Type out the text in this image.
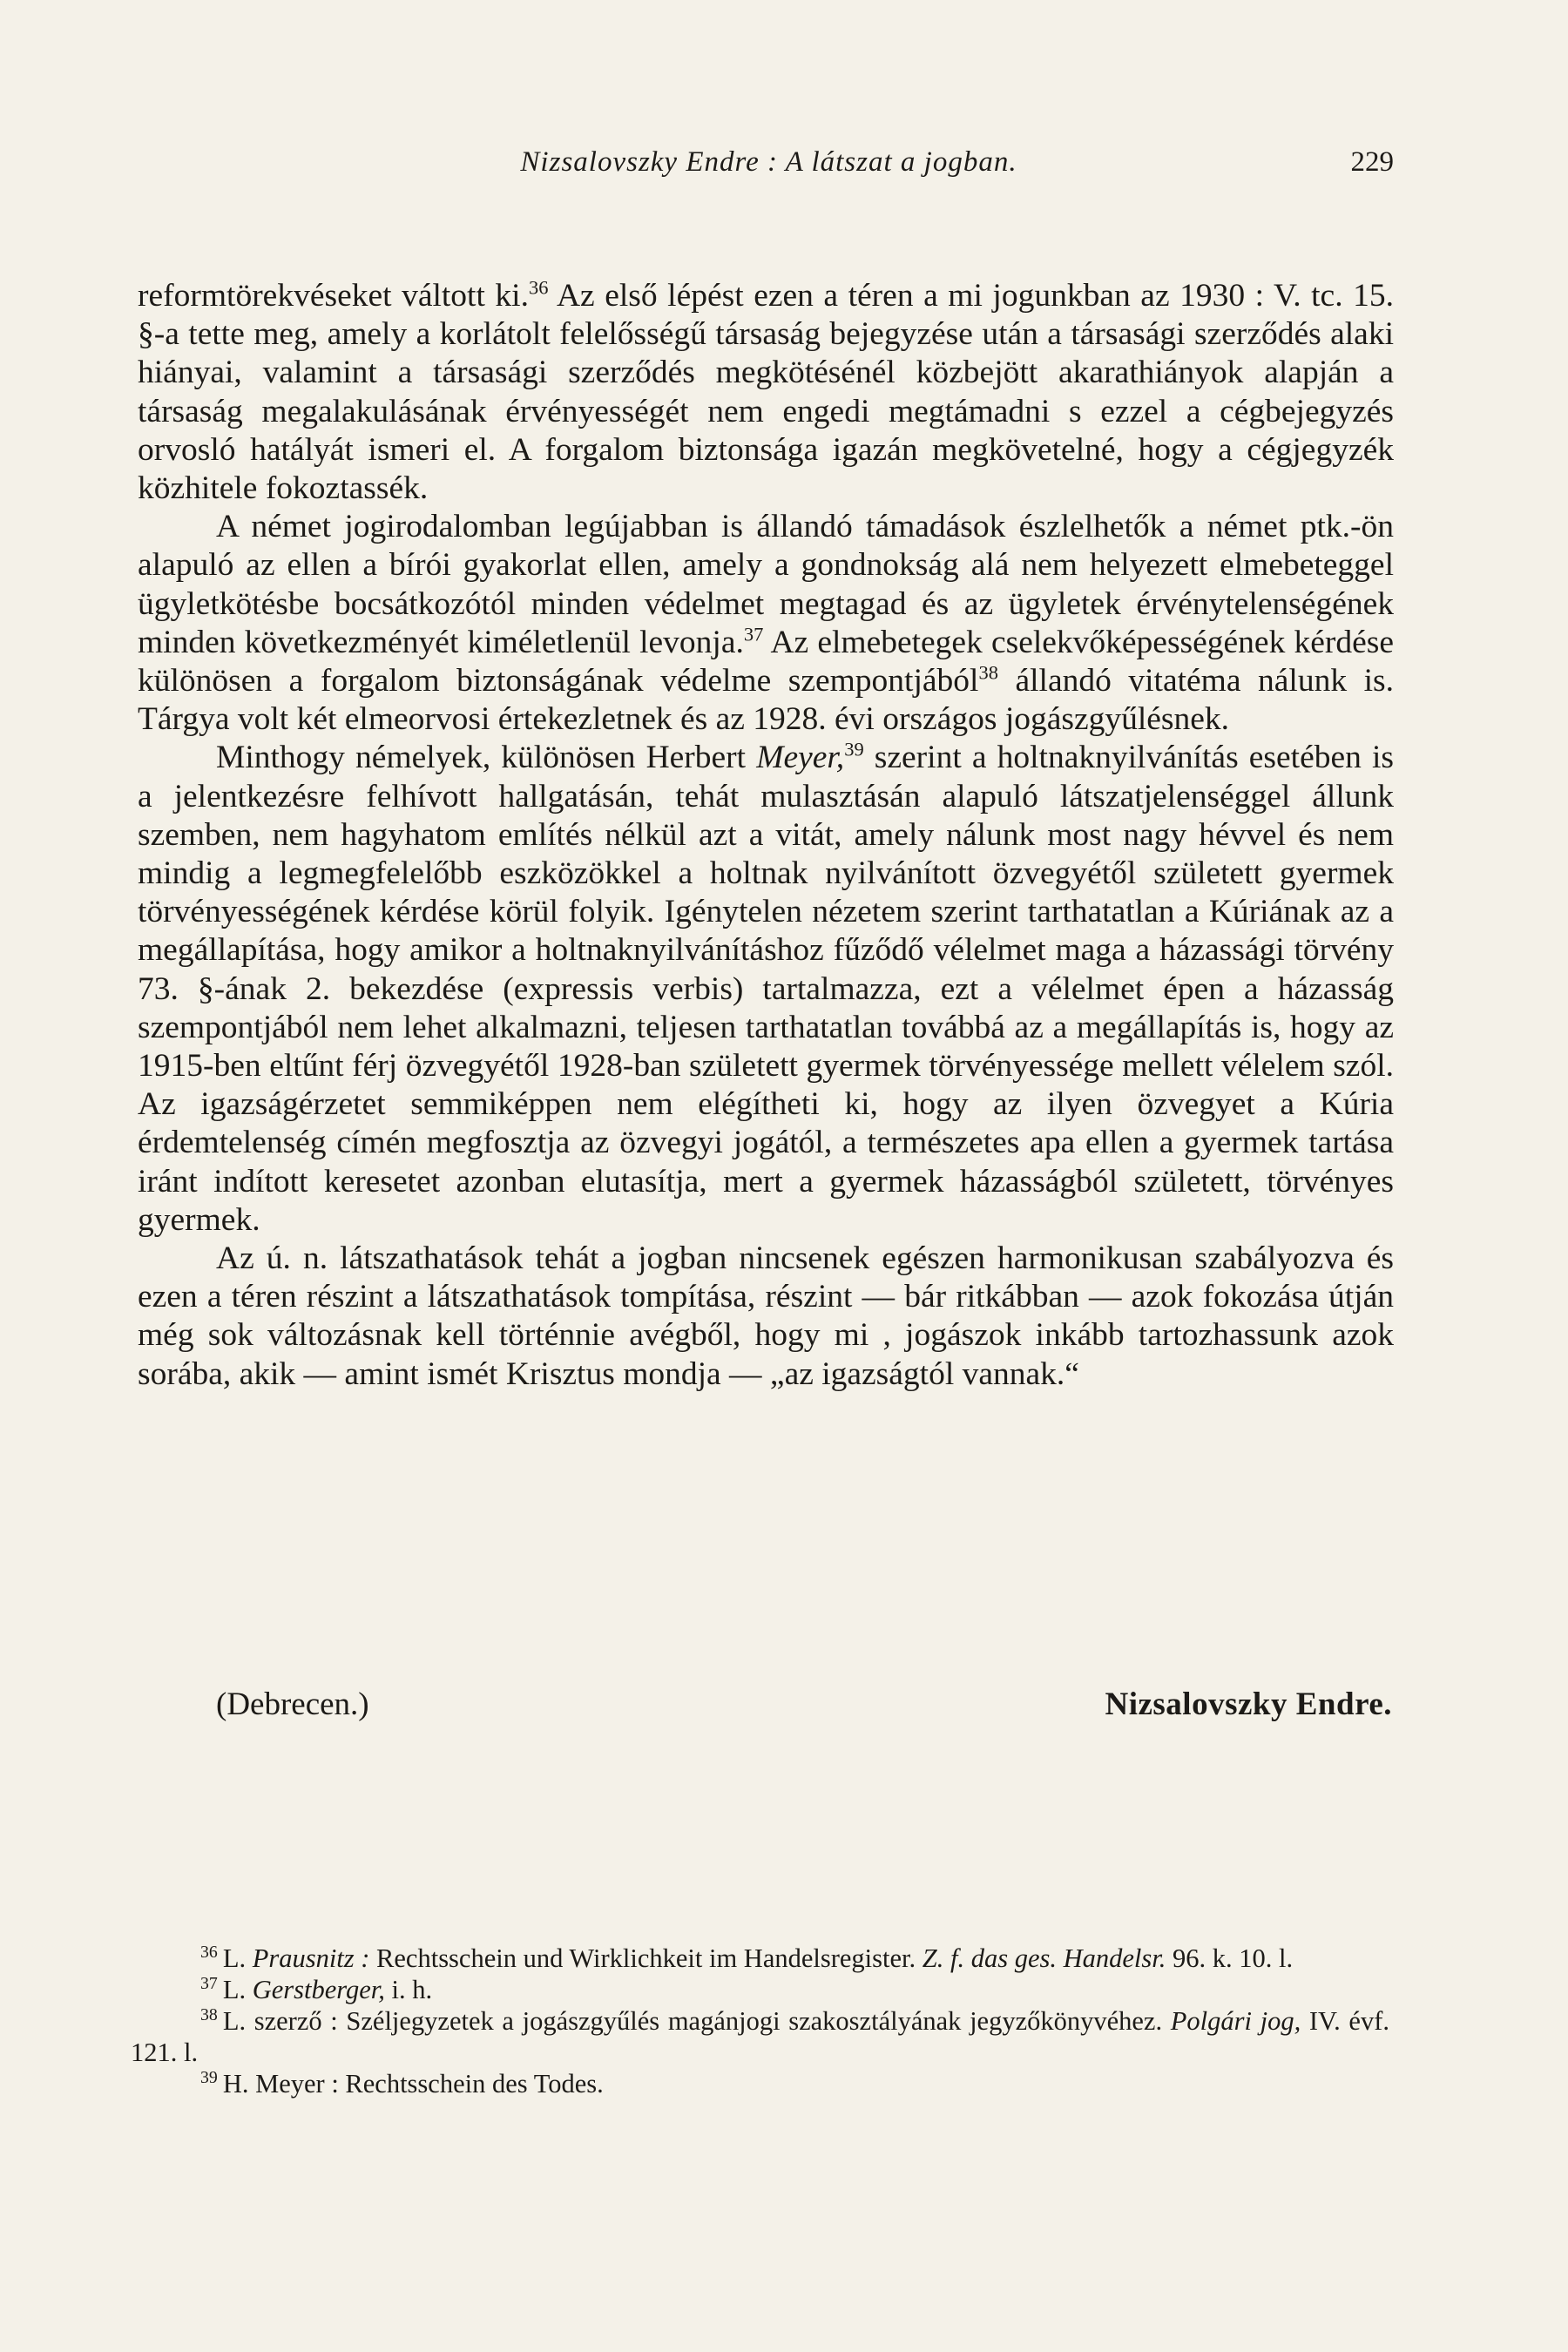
Nizsalovszky Endre : A látszat a jogban.	229

reformtörekvéseket váltott ki.$^{36}$ Az első lépést ezen a téren a mi jogunkban az 1930 : V. tc. 15. §-a tette meg, amely a korlátolt felelősségű társaság bejegyzése után a társasági szerződés alaki hiányai, valamint a társasági szerződés megkötésénél közbejött akarathiányok alapján a társaság megalakulásának érvényességét nem engedi megtámadni s ezzel a cégbejegyzés orvosló hatályát ismeri el. A forgalom biztonsága igazán megkövetelné, hogy a cégjegyzék közhitele fokoztassék.

A német jogirodalomban legújabban is állandó támadások észlelhetők a német ptk.-ön alapuló az ellen a bírói gyakorlat ellen, amely a gondnokság alá nem helyezett elmebeteggel ügyletkötésbe bocsátkozótól minden védelmet megtagad és az ügyletek érvénytelenségének minden következményét kiméletlenül levonja.$^{37}$ Az elmebetegek cselekvőképességének kérdése különösen a forgalom biztonságának védelme szempontjából$^{38}$ állandó vitatéma nálunk is. Tárgya volt két elmeorvosi értekezletnek és az 1928. évi országos jogászgyűlésnek.

Minthogy némelyek, különösen Herbert Meyer,$^{39}$ szerint a holtnaknyilvánítás esetében is a jelentkezésre felhívott hallgatásán, tehát mulasztásán alapuló látszatjelenséggel állunk szemben, nem hagyhatom említés nélkül azt a vitát, amely nálunk most nagy hévvel és nem mindig a legmegfelelőbb eszközökkel a holtnak nyilvánított özvegyétől született gyermek törvényességének kérdése körül folyik. Igénytelen nézetem szerint tarthatatlan a Kúriának az a megállapítása, hogy amikor a holtnaknyilvánításhoz fűződő vélelmet maga a házassági törvény 73. §-ának 2. bekezdése (expressis verbis) tartalmazza, ezt a vélelmet épen a házasság szempontjából nem lehet alkalmazni, teljesen tarthatatlan továbbá az a megállapítás is, hogy az 1915-ben eltűnt férj özvegyétől 1928-ban született gyermek törvényessége mellett vélelem szól. Az igazságérzetet semmiképpen nem elégítheti ki, hogy az ilyen özvegyet a Kúria érdemtelenség címén megfosztja az özvegyi jogától, a természetes apa ellen a gyermek tartása iránt indított keresetet azonban elutasítja, mert a gyermek házasságból született, törvényes gyermek.

Az ú. n. látszathatások tehát a jogban nincsenek egészen harmonikusan szabályozva és ezen a téren részint a látszathatások tompítása, részint — bár ritkábban — azok fokozása útján még sok változásnak kell történnie avégből, hogy mi , jogászok inkább tartozhassunk azok sorába, akik — amint ismét Krisztus mondja — „az igazságtól vannak.“

(Debrecen.)	Nizsalovszky Endre.

$^{36}$ L. Prausnitz : Rechtsschein und Wirklichkeit im Handelsregister. Z. f. das ges. Handelsr. 96. k. 10. l.

$^{37}$ L. Gerstberger, i. h.

$^{38}$ L. szerző : Széljegyzetek a jogászgyűlés magánjogi szakosztályának jegyzőkönyvéhez. Polgári jog, IV. évf. 121. l.

$^{39}$ H. Meyer : Rechtsschein des Todes.
